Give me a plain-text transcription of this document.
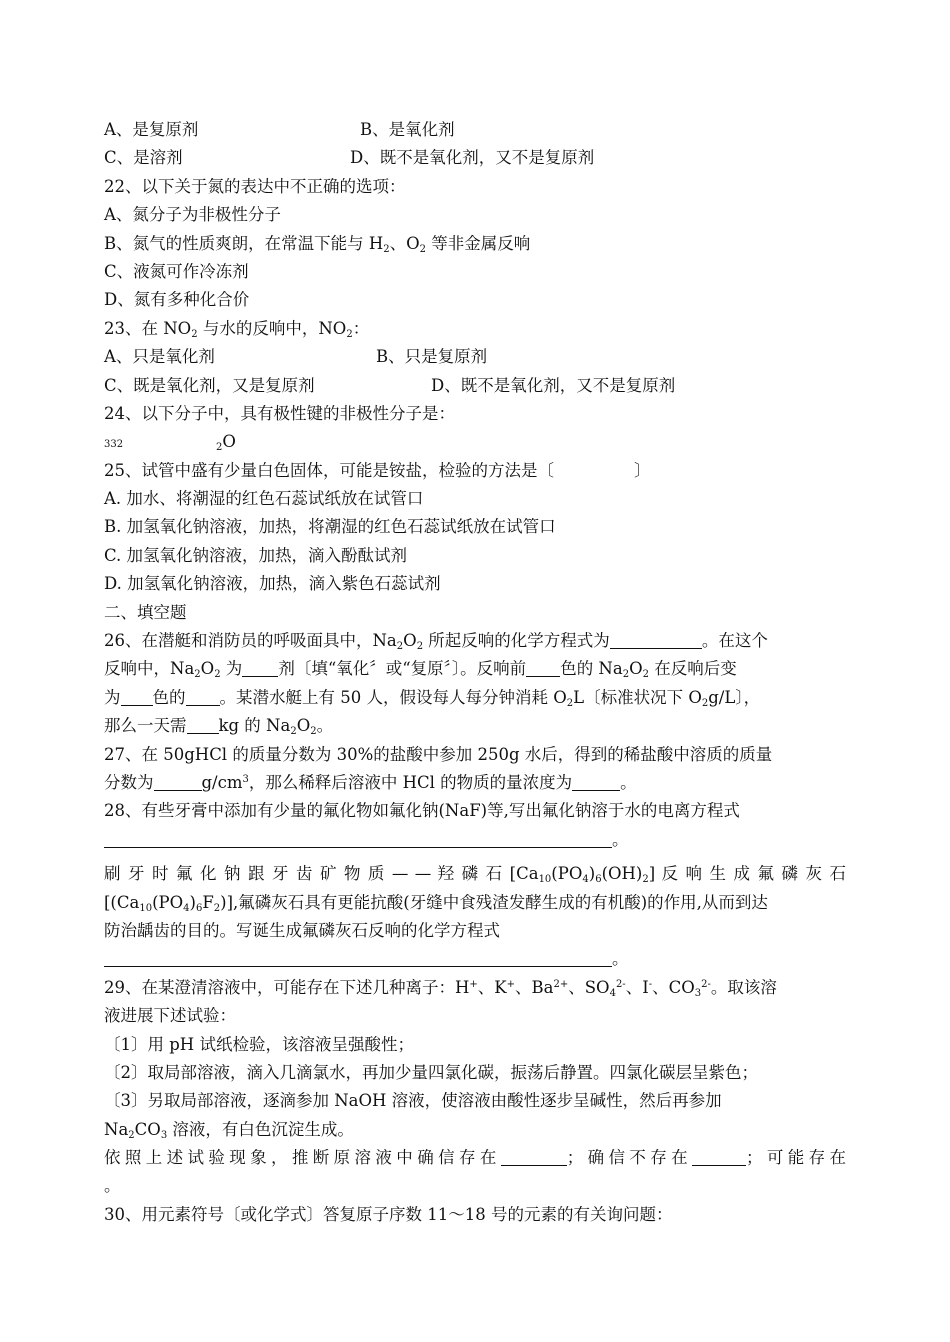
A、是复原剂	B、是氧化剂
C、是溶剂	D、既不是氧化剂，又不是复原剂
22、以下关于氮的表达中不正确的选项：
A、氮分子为非极性分子
B、氮气的性质爽朗，在常温下能与 $H_2$、$O_2$ 等非金属反响
C、液氮可作冷冻剂
D、氮有多种化合价
23、在 $NO_2$ 与水的反响中，$NO_2$：
A、只是氧化剂	B、只是复原剂
C、既是氧化剂，又是复原剂	D、既不是氧化剂，又不是复原剂
24、以下分子中，具有极性键的非极性分子是：
332	$_2$O
25、试管中盛有少量白色固体，可能是铵盐，检验的方法是〔	〕
A. 加水、将潮湿的红色石蕊试纸放在试管口
B. 加氢氧化钠溶液，加热，将潮湿的红色石蕊试纸放在试管口
C. 加氢氧化钠溶液，加热，滴入酚酞试剂
D. 加氢氧化钠溶液，加热，滴入紫色石蕊试剂
二、填空题
26、在潜艇和消防员的呼吸面具中，$Na_2O_2$ 所起反响的化学方程式为	。在这个
反响中，$Na_2O_2$ 为 剂〔填“氧化〞或“复原〞〕。反响前 色的 $Na_2O_2$ 在反响后变
为 色的 。某潜水艇上有 50 人，假设每人每分钟消耗 $O_2L$〔标准状况下 $O_2g/L$〕，
那么一天需 kg 的 $Na_2O_2$。
27、在 50gHCl 的质量分数为 30%的盐酸中参加 250g 水后，得到的稀盐酸中溶质的质量
分数为	$g/cm^3$，那么稀释后溶液中 HCl 的物质的量浓度为	。
28、有些牙膏中添加有少量的氟化物如氟化钠(NaF)等,写出氟化钠溶于水的电离方程式
。
刷 牙 时 氟 化 钠 跟 牙 齿 矿 物 质 — — 羟 磷 石 $[Ca_{10}(PO_4)_6(OH)_2]$ 反 响 生 成 氟 磷 灰 石
$[(Ca_{10}(PO_4)_6F_2)]$,氟磷灰石具有更能抗酸(牙缝中食残渣发酵生成的有机酸)的作用,从而到达
防治龋齿的目的。写诞生成氟磷灰石反响的化学方程式
。
29、在某澄清溶液中，可能存在下述几种离子：H+、K+、$Ba^{2+}$、$SO_4^{2-}$、I-、$CO_3^{2-}$。取该溶
液进展下述试验：
〔1〕用 pH 试纸检验，该溶液呈强酸性；
〔2〕取局部溶液，滴入几滴氯水，再加少量四氯化碳，振荡后静置。四氯化碳层呈紫色；
〔3〕另取局部溶液，逐滴参加 NaOH 溶液，使溶液由酸性逐步呈碱性，然后再参加
$Na_2CO_3$ 溶液，有白色沉淀生成。
依照上述试验现象，推断原溶液中确信存在	；确信不存在	；可能存在
。
30、用元素符号〔或化学式〕答复原子序数 11～18 号的元素的有关询问题：
